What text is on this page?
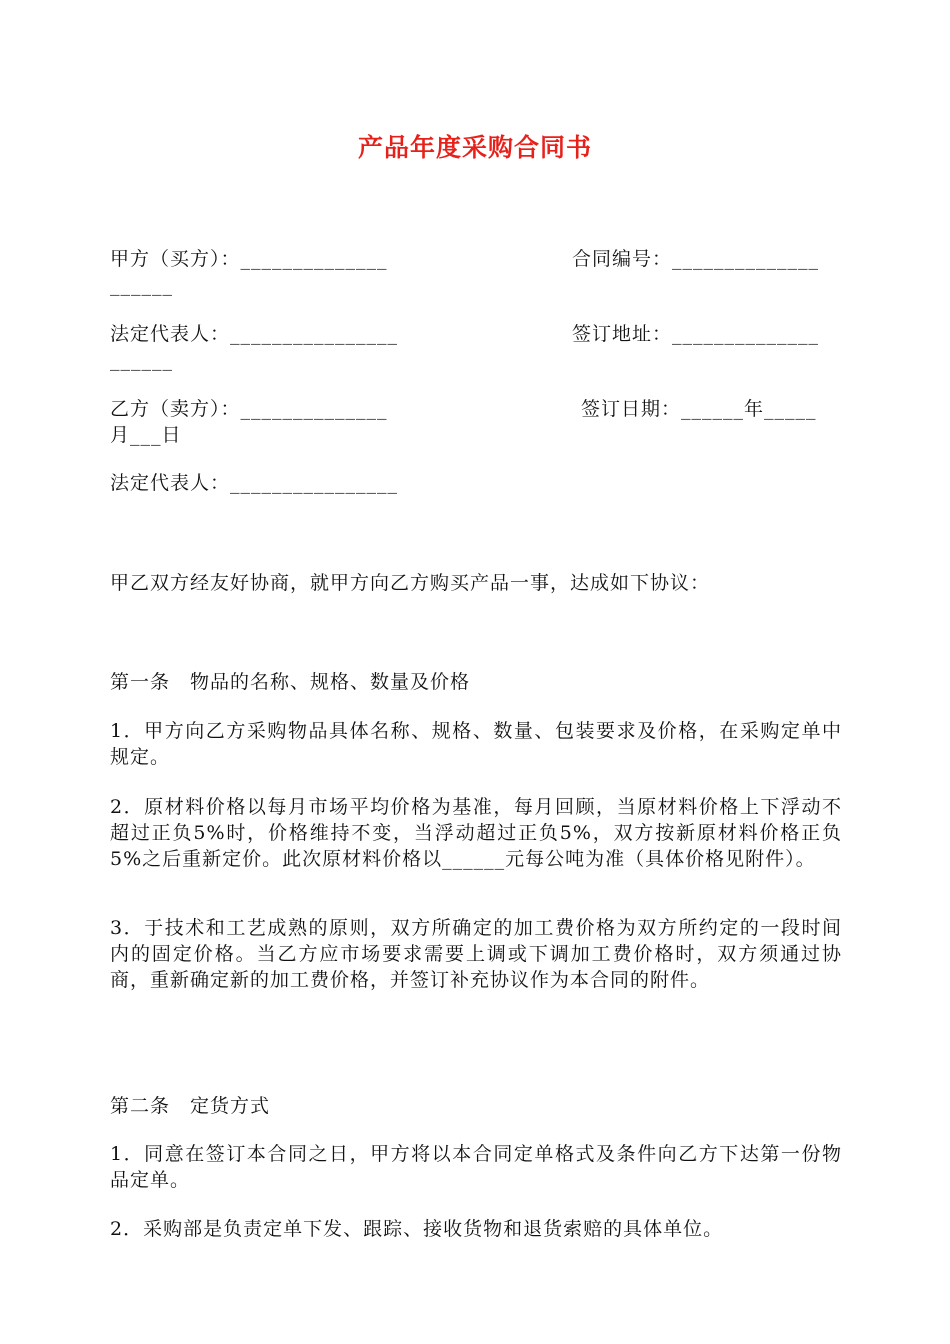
产品年度采购合同书
甲方（买方）：______________	合同编号：______________
______
法定代表人：________________	签订地址：______________
______
乙方（卖方）：______________	签订日期：______年_____
月___日
法定代表人：________________
甲乙双方经友好协商，就甲方向乙方购买产品一事，达成如下协议：
第一条　物品的名称、规格、数量及价格
1．甲方向乙方采购物品具体名称、规格、数量、包装要求及价格，在采购定单中规定。
2．原材料价格以每月市场平均价格为基准，每月回顾，当原材料价格上下浮动不超过正负5%时，价格维持不变，当浮动超过正负5%，双方按新原材料价格正负5%之后重新定价。此次原材料价格以______元每公吨为准（具体价格见附件）。
3．于技术和工艺成熟的原则，双方所确定的加工费价格为双方所约定的一段时间内的固定价格。当乙方应市场要求需要上调或下调加工费价格时，双方须通过协商，重新确定新的加工费价格，并签订补充协议作为本合同的附件。
第二条　定货方式
1．同意在签订本合同之日，甲方将以本合同定单格式及条件向乙方下达第一份物品定单。
2．采购部是负责定单下发、跟踪、接收货物和退货索赔的具体单位。
